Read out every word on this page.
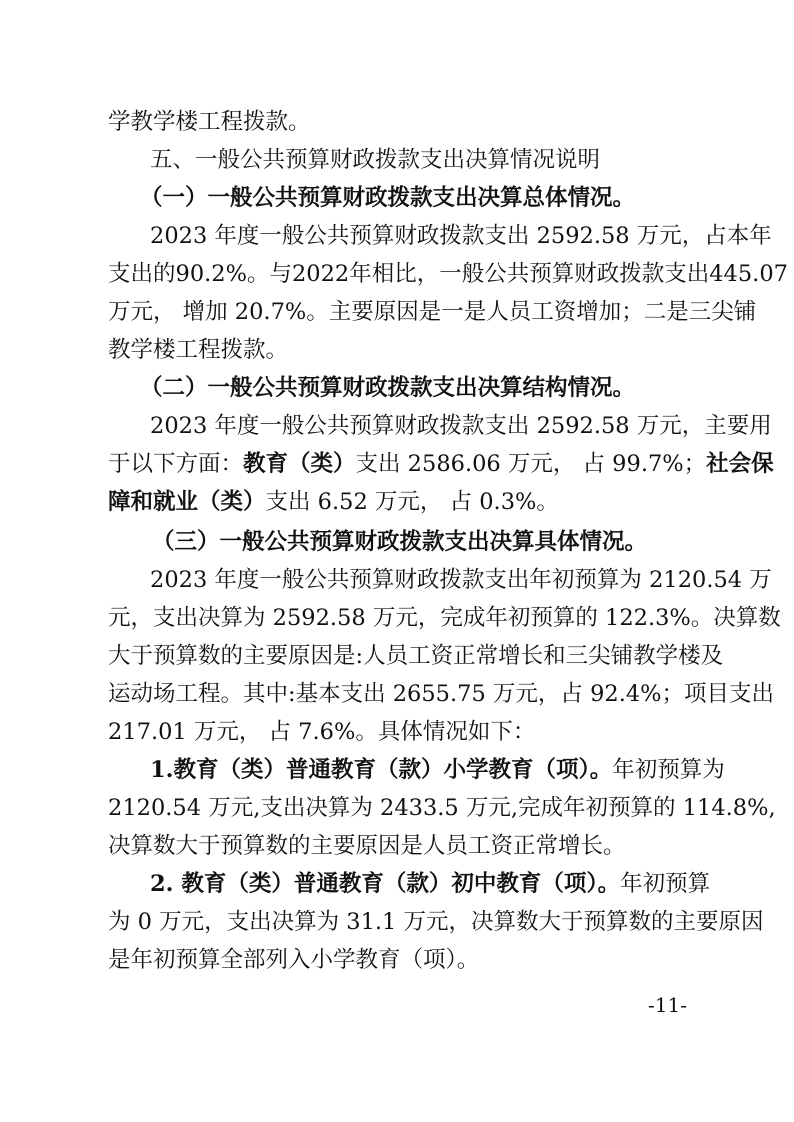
学教学楼工程拨款。
五、一般公共预算财政拨款支出决算情况说明
（一）一般公共预算财政拨款支出决算总体情况。
2023 年度一般公共预算财政拨款支出 2592.58 万元，占本年
支出的90.2%。与2022年相比，一般公共预算财政拨款支出445.07
万元， 增加 20.7%。主要原因是一是人员工资增加；二是三尖铺
教学楼工程拨款。
（二）一般公共预算财政拨款支出决算结构情况。
2023 年度一般公共预算财政拨款支出 2592.58 万元，主要用
于以下方面：教育（类）支出 2586.06 万元， 占 99.7%；社会保
障和就业（类）支出 6.52 万元， 占 0.3%。
（三）一般公共预算财政拨款支出决算具体情况。
2023 年度一般公共预算财政拨款支出年初预算为 2120.54 万
元，支出决算为 2592.58 万元，完成年初预算的 122.3%。决算数
大于预算数的主要原因是:人员工资正常增长和三尖铺教学楼及
运动场工程。其中:基本支出 2655.75 万元，占 92.4%；项目支出
217.01 万元， 占 7.6%。具体情况如下：
1.教育（类）普通教育（款）小学教育（项）。年初预算为
2120.54 万元,支出决算为 2433.5 万元,完成年初预算的 114.8%,
决算数大于预算数的主要原因是人员工资正常增长。
2. 教育（类）普通教育（款）初中教育（项）。年初预算
为 0 万元，支出决算为 31.1 万元，决算数大于预算数的主要原因
是年初预算全部列入小学教育（项）。
-11-
